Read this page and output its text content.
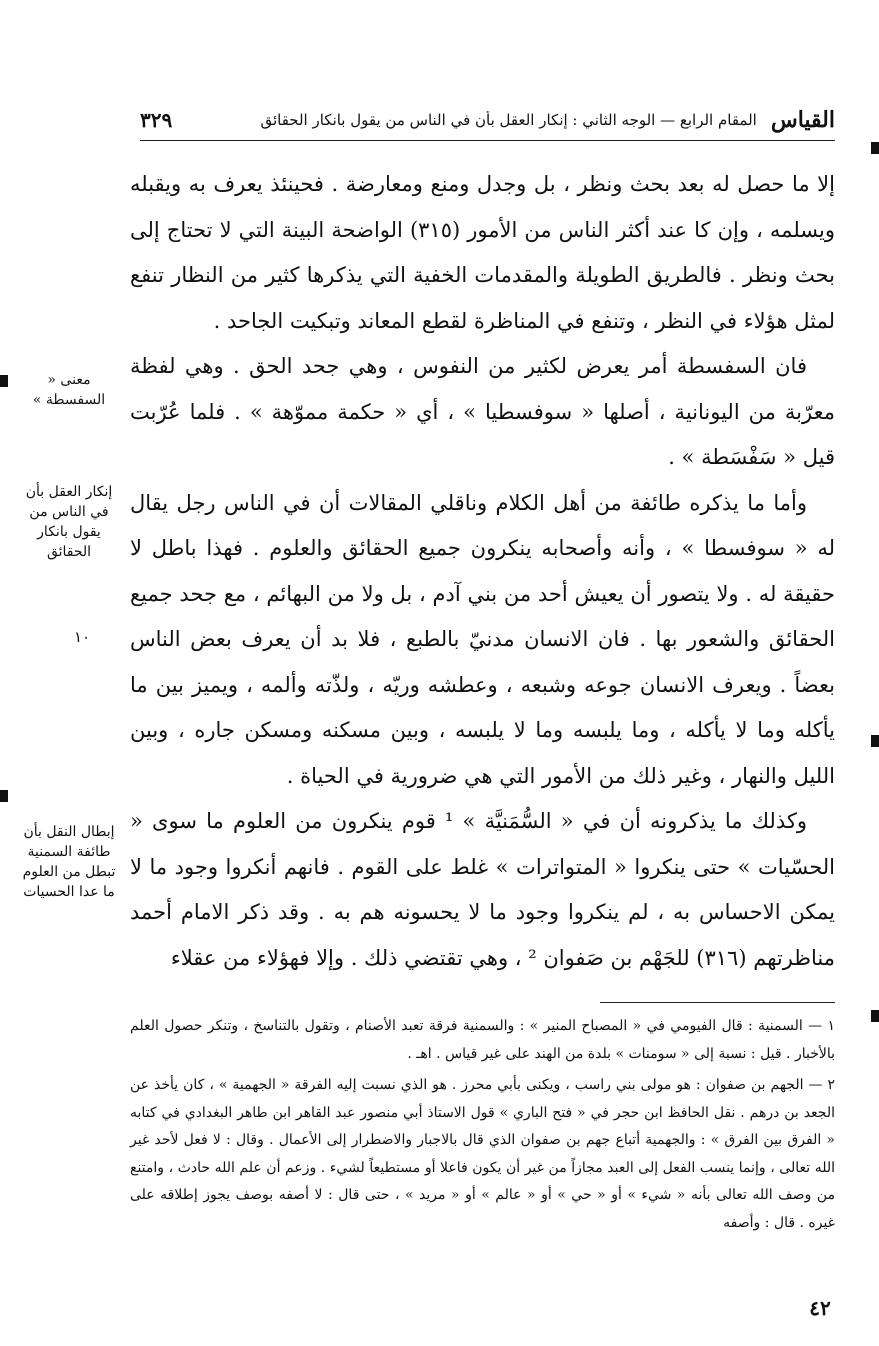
القياس
المقام الرابع — الوجه الثاني : إنكار العقل بأن في الناس من يقول بانكار الحقائق
٣٢٩

إلا ما حصل له بعد بحث ونظر ، بل وجدل ومنع ومعارضة . فحينئذ يعرف به ويقبله ويسلمه ، وإن كا عند أكثر الناس من الأمور (٣١٥) الواضحة البينة التي لا تحتاج إلى بحث ونظر . فالطريق الطويلة والمقدمات الخفية التي يذكرها كثير من النظار تنفع لمثل هؤلاء في النظر ، وتنفع في المناظرة لقطع المعاند وتبكيت الجاحد .

فان السفسطة أمر يعرض لكثير من النفوس ، وهي جحد الحق . وهي لفظة معرّبة من اليونانية ، أصلها « سوفسطيا » ، أي « حكمة مموّهة » . فلما عُرّبت قيل « سَفْسَطة » .

وأما ما يذكره طائفة من أهل الكلام وناقلي المقالات أن في الناس رجل يقال له « سوفسطا » ، وأنه وأصحابه ينكرون جميع الحقائق والعلوم . فهذا باطل لا حقيقة له . ولا يتصور أن يعيش أحد من بني آدم ، بل ولا من البهائم ، مع جحد جميع الحقائق والشعور بها . فان الانسان مدنيّ بالطبع ، فلا بد أن يعرف بعض الناس بعضاً . ويعرف الانسان جوعه وشبعه ، وعطشه وريّه ، ولذّته وألمه ، ويميز بين ما يأكله وما لا يأكله ، وما يلبسه وما لا يلبسه ، وبين مسكنه ومسكن جاره ، وبين الليل والنهار ، وغير ذلك من الأمور التي هي ضرورية في الحياة .

وكذلك ما يذكرونه أن في « السُّمَنيَّة » ¹ قوم ينكرون من العلوم ما سوى « الحسّيات » حتى ينكروا « المتواترات » غلط على القوم . فانهم أنكروا وجود ما لا يمكن الاحساس به ، لم ينكروا وجود ما لا يحسونه هم به . وقد ذكر الامام أحمد مناظرتهم (٣١٦) للجَهْم بن صَفوان ² ، وهي تقتضي ذلك . وإلا فهؤلاء من عقلاء

معنى « السفسطة »
إنكار العقل بأن في الناس من يقول بانكار الحقائق
١٠
إبطال النقل بأن طائفة السمنية تبطل من العلوم ما عدا الحسيات

١ — السمنية : قال الفيومي في « المصباح المنير » : والسمنية فرقة تعبد الأصنام ، وتقول بالتناسخ ، وتنكر حصول العلم بالأخبار . قيل : نسبة إلى « سومنات » بلدة من الهند على غير قياس . اهـ .

٢ — الجهم بن صفوان : هو مولى بني راسب ، ويكنى بأبي محرز . هو الذي نسبت إليه الفرقة « الجهمية » ، كان يأخذ عن الجعد بن درهم . نقل الحافظ ابن حجر في « فتح الباري » قول الاستاذ أبي منصور عبد القاهر ابن طاهر البغدادي في كتابه « الفرق بين الفرق » : والجهمية أتباع جهم بن صفوان الذي قال بالاجبار والاضطرار إلى الأعمال . وقال : لا فعل لأحد غير الله تعالى ، وإنما ينسب الفعل إلى العبد مجازاً من غير أن يكون فاعلا أو مستطيعاً لشيء . وزعم أن علم الله حادث ، وامتنع من وصف الله تعالى بأنه « شيء » أو « حي » أو « عالم » أو « مريد » ، حتى قال : لا أصفه بوصف يجوز إطلاقه على غيره . قال : وأصفه

٤٢
